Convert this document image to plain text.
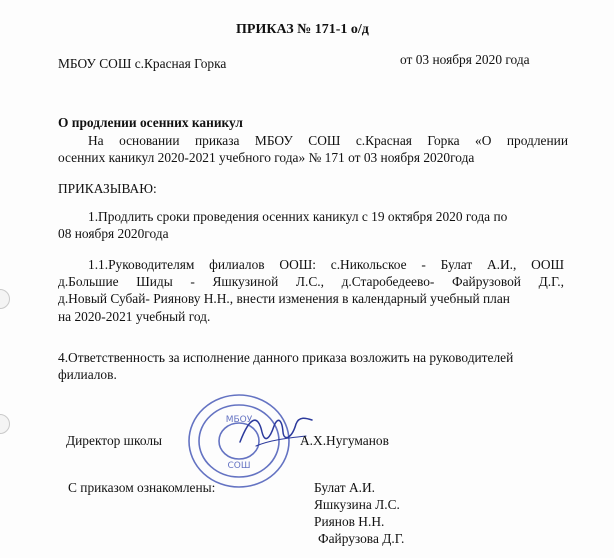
ПРИКАЗ № 171-1 о/д
МБОУ СОШ с.Красная Горка	от 03 ноября 2020 года
О продлении осенних каникул
На основании приказа МБОУ СОШ с.Красная Горка «О продлении
осенних каникул 2020-2021 учебного года» № 171 от 03 ноября 2020года
ПРИКАЗЫВАЮ:
1.Продлить сроки проведения осенних каникул с 19 октября 2020 года по
08 ноября 2020года
1.1.Руководителям филиалов ООШ: с.Никольское - Булат А.И., ООШ
д.Большие Шиды - Яшкузиной Л.С., д.Старобедеево- Файрузовой Д.Г.,
д.Новый Субай- Риянову Н.Н., внести изменения в календарный учебный план
на 2020-2021 учебный год.
4.Ответственность за исполнение данного приказа возложить на руководителей
филиалов.
МБОУ
СОШ
Директор школы	А.Х.Нугуманов
С приказом ознакомлены:	Булат А.И.
Яшкузина Л.С.
Риянов Н.Н.
Файрузова Д.Г.
